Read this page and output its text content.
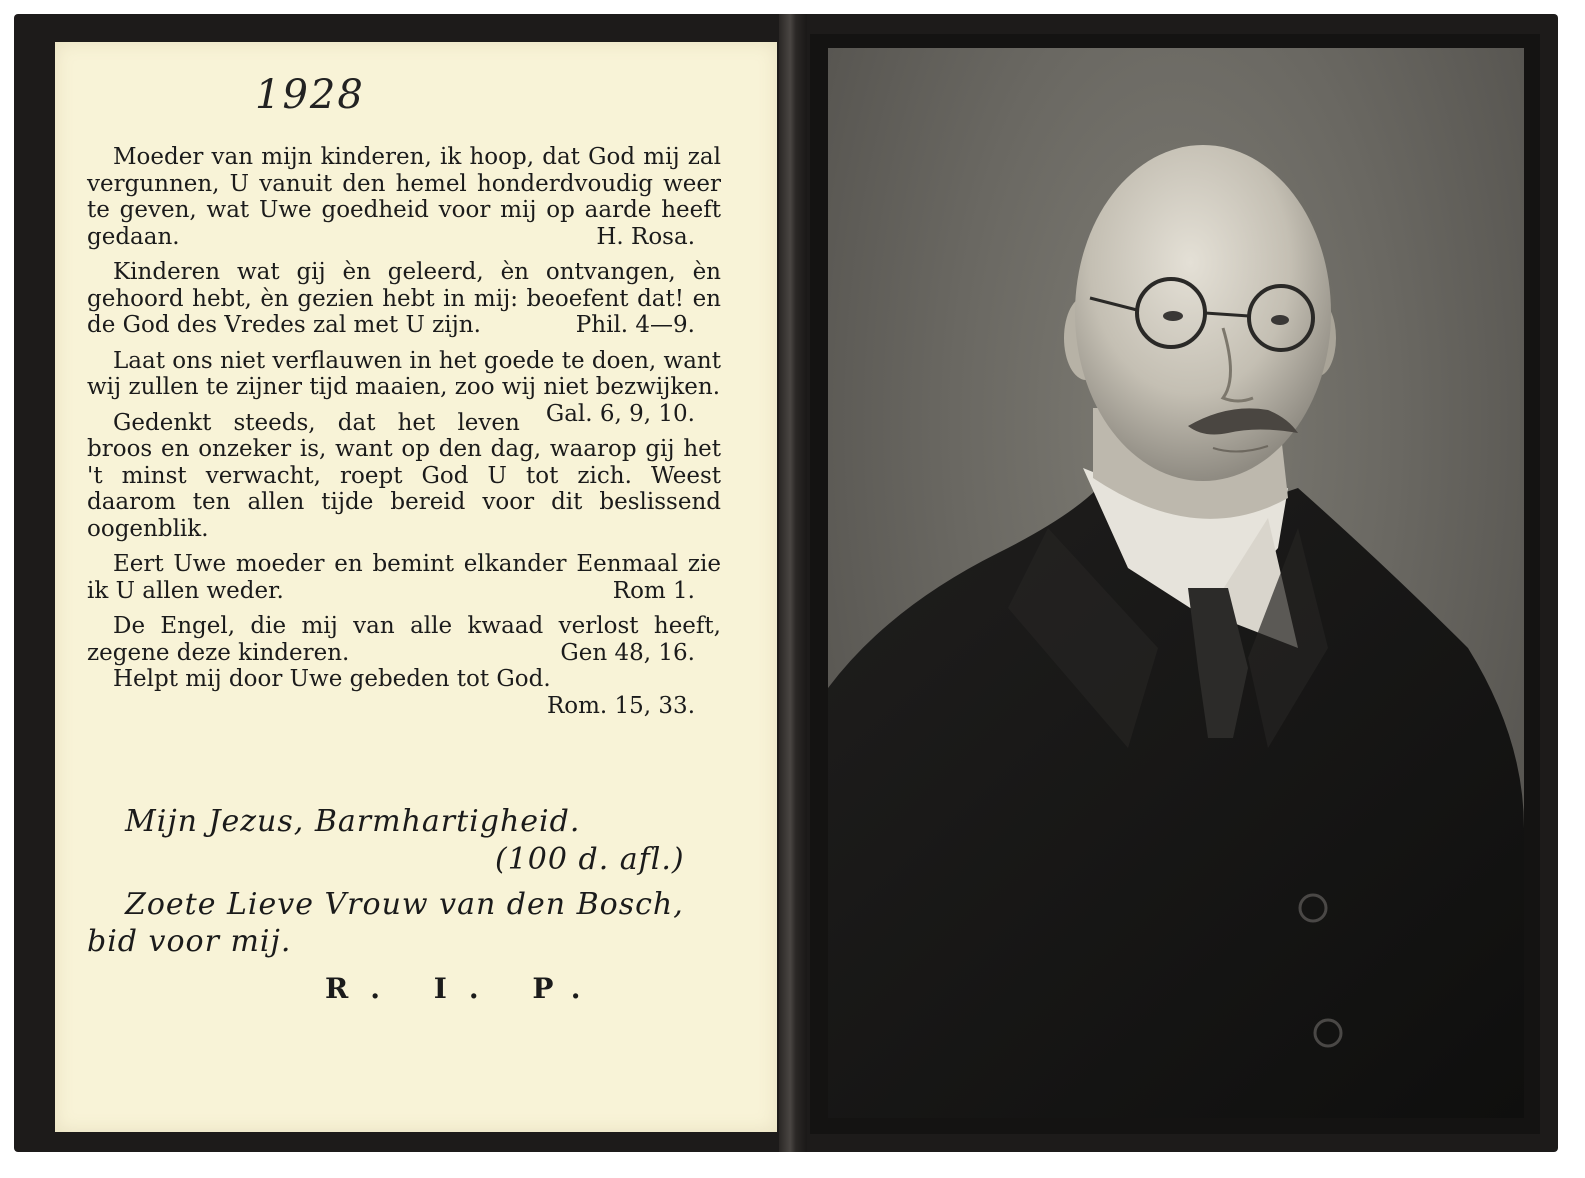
1928

Moeder van mijn kinderen, ik hoop, dat God mij zal vergunnen, U vanuit den hemel honderdvoudig weer te geven, wat Uwe goedheid voor mij op aarde heeft gedaan.	H. Rosa.

Kinderen wat gij èn geleerd, èn ontvangen, èn gehoord hebt, èn gezien hebt in mij: beoefent dat! en de God des Vredes zal met U zijn.	Phil. 4—9.

Laat ons niet verflauwen in het goede te doen, want wij zullen te zijner tijd maaien, zoo wij niet bezwijken.
Gal. 6, 9, 10.

Gedenkt steeds, dat het leven broos en onzeker is, want op den dag, waarop gij het 't minst verwacht, roept God U tot zich. Weest daarom ten allen tijde bereid voor dit beslissend oogenblik.

Eert Uwe moeder en bemint elkander Eenmaal zie ik U allen weder.	Rom 1.

De Engel, die mij van alle kwaad verlost heeft, zegene deze kinderen.	Gen 48, 16.

Helpt mij door Uwe gebeden tot God.

Rom. 15, 33.
Mijn Jezus, Barmhartigheid.
(100 d. afl.)
Zoete Lieve Vrouw van den Bosch,
bid voor mij.
R. I. P.
